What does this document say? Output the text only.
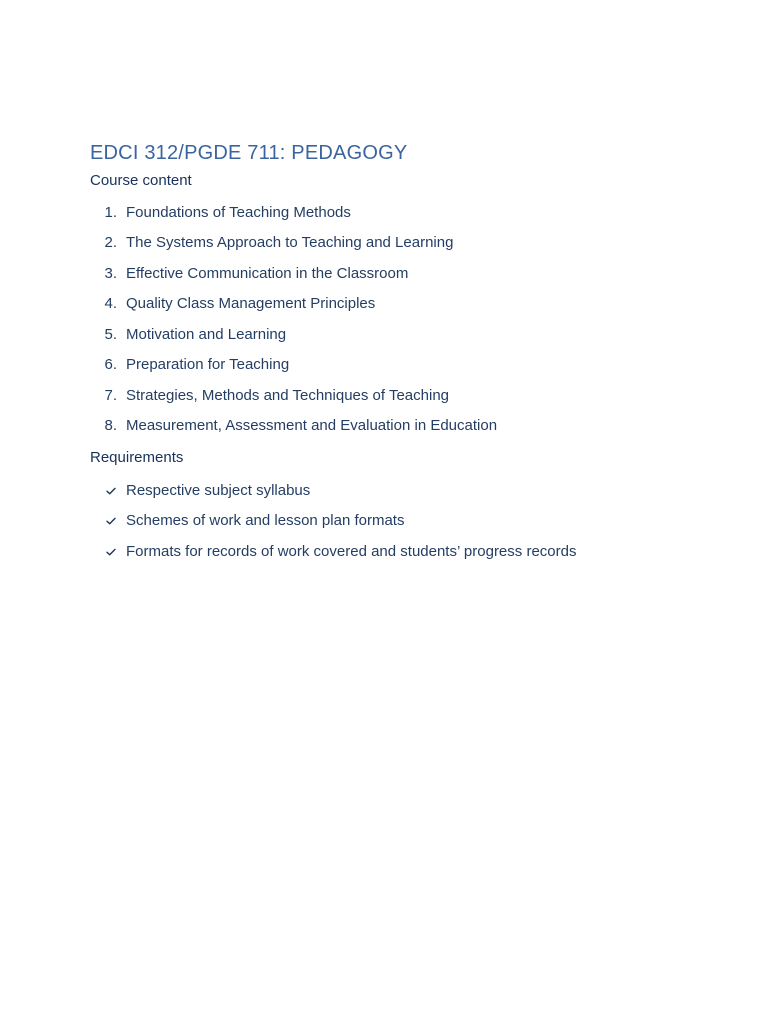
EDCI 312/PGDE 711: PEDAGOGY
Course content
1. Foundations of Teaching Methods
2. The Systems Approach to Teaching and Learning
3. Effective Communication in the Classroom
4. Quality Class Management Principles
5. Motivation and Learning
6. Preparation for Teaching
7. Strategies, Methods and Techniques of Teaching
8. Measurement, Assessment and Evaluation in Education
Requirements
Respective subject syllabus
Schemes of work and lesson plan formats
Formats for records of work covered and students’ progress records
